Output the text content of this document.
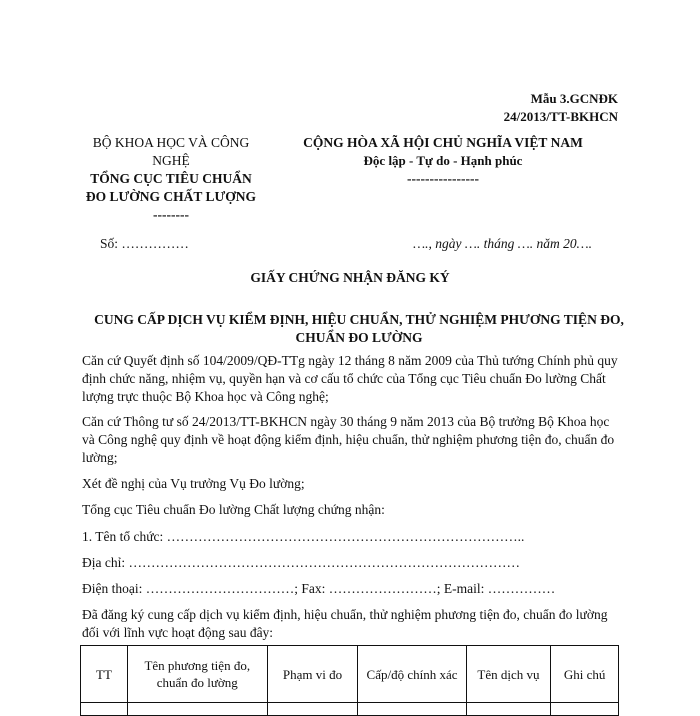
Mẫu 3.GCNĐK
24/2013/TT-BKHCN
BỘ KHOA HỌC VÀ CÔNG NGHỆ
TỔNG CỤC TIÊU CHUẨN ĐO LƯỜNG CHẤT LƯỢNG
--------
CỘNG HÒA XÃ HỘI CHỦ NGHĨA VIỆT NAM
Độc lập - Tự do - Hạnh phúc
----------------
Số: ……………	…., ngày …. tháng …. năm 20….
GIẤY CHỨNG NHẬN ĐĂNG KÝ
CUNG CẤP DỊCH VỤ KIỂM ĐỊNH, HIỆU CHUẨN, THỬ NGHIỆM PHƯƠNG TIỆN ĐO, CHUẨN ĐO LƯỜNG

Căn cứ Quyết định số 104/2009/QĐ-TTg ngày 12 tháng 8 năm 2009 của Thủ tướng Chính phủ quy định chức năng, nhiệm vụ, quyền hạn và cơ cấu tổ chức của Tổng cục Tiêu chuẩn Đo lường Chất lượng trực thuộc Bộ Khoa học và Công nghệ;

Căn cứ Thông tư số 24/2013/TT-BKHCN ngày 30 tháng 9 năm 2013 của Bộ trưởng Bộ Khoa học và Công nghệ quy định về hoạt động kiểm định, hiệu chuẩn, thử nghiệm phương tiện đo, chuẩn đo lường;

Xét đề nghị của Vụ trưởng Vụ Đo lường;

Tổng cục Tiêu chuẩn Đo lường Chất lượng chứng nhận:

1. Tên tổ chức: ……………………………………………………………………..

Địa chỉ: ……………………………………………………………………………

Điện thoại: ……………………………; Fax: ……………………; E-mail: ……………

Đã đăng ký cung cấp dịch vụ kiểm định, hiệu chuẩn, thử nghiệm phương tiện đo, chuẩn đo lường đối với lĩnh vực hoạt động sau đây:

TT	Tên phương tiện đo, chuẩn đo lường	Phạm vi đo	Cấp/độ chính xác	Tên dịch vụ	Ghi chú
